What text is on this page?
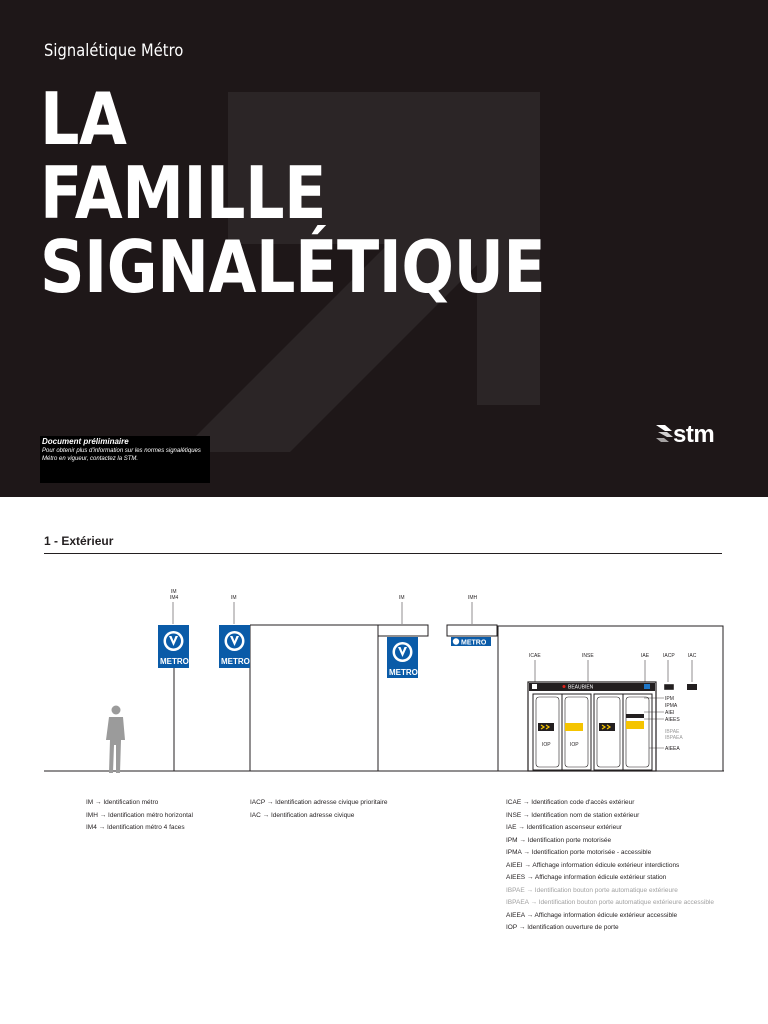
Signalétique Métro
LA
FAMILLE
SIGNALÉTIQUE
Document préliminaire
Pour obtenir plus d'information sur les normes signalétiques Métro en vigueur, contactez la STM.
stm
1 - Extérieur
IM
IM4
METRO
IM
METRO
IM
METRO
IMH
METRO
ICAE	INSE	IAE	IACP	IAC
BEAUBIEN
IOP	IOP
IPM
IPMA
AIEI
AIEES
IBPAE
IBPAEA
AIEEA
IM → Identification métro
IMH → Identification métro horizontal
IM4 → Identification métro 4 faces
IACP → Identification adresse civique prioritaire
IAC → Identification adresse civique
ICAE → Identification code d'accès extérieur
INSE → Identification nom de station extérieur
IAE → Identification ascenseur extérieur
IPM → Identification porte motorisée
IPMA → Identification porte motorisée - accessible
AIEEI → Affichage information édicule extérieur interdictions
AIEES → Affichage information édicule extérieur station
IBPAE → Identification bouton porte automatique extérieure
IBPAEA → Identification bouton porte automatique extérieure accessible
AIEEA → Affichage information édicule extérieur accessible
IOP → Identification ouverture de porte
